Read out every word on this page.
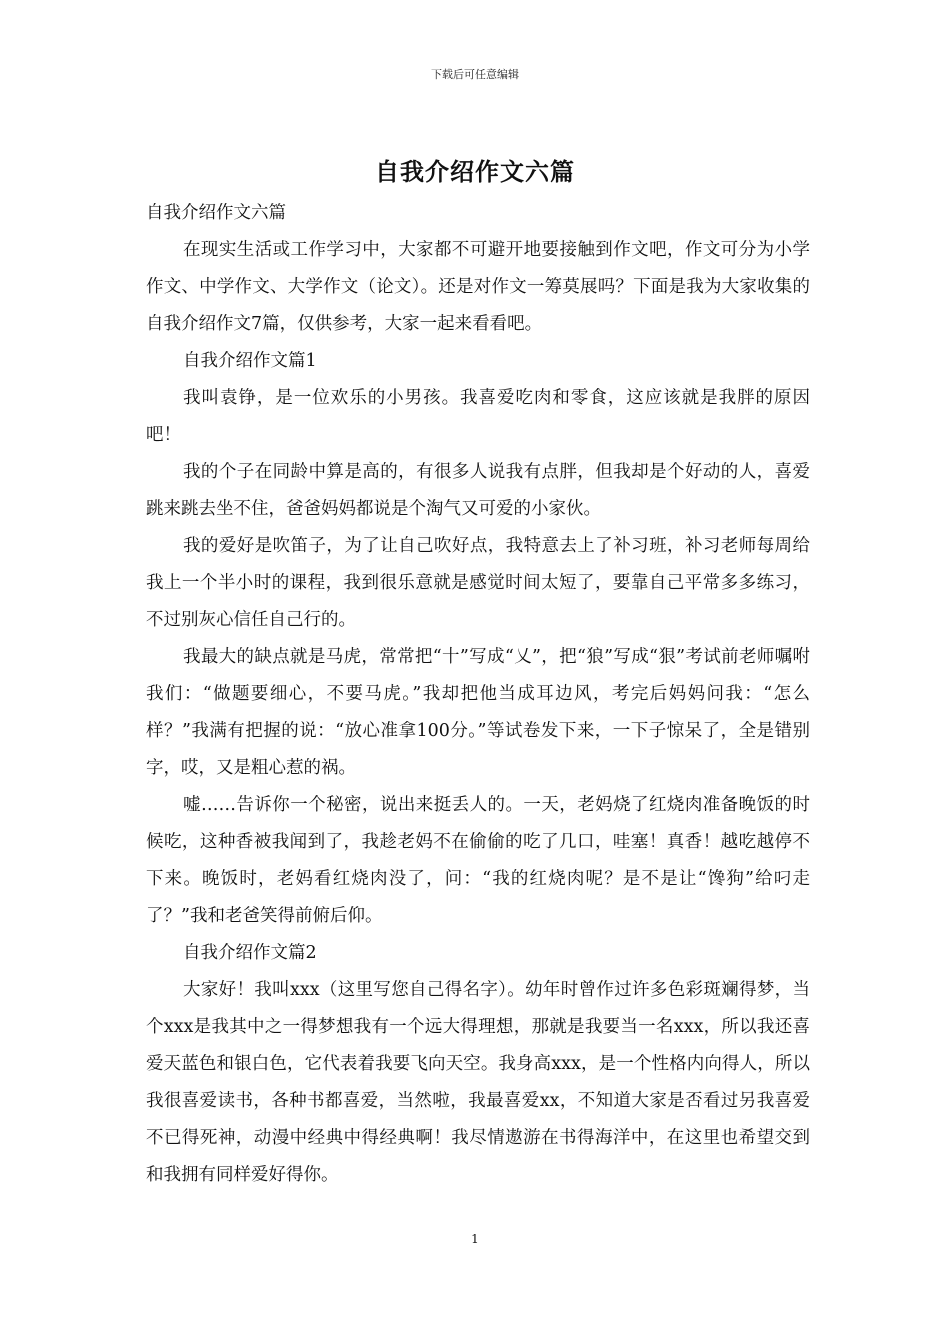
下载后可任意编辑
自我介绍作文六篇

自我介绍作文六篇

在现实生活或工作学习中，大家都不可避开地要接触到作文吧，作文可分为小学作文、中学作文、大学作文（论文）。还是对作文一筹莫展吗？下面是我为大家收集的自我介绍作文7篇，仅供参考，大家一起来看看吧。

自我介绍作文篇1

我叫袁铮，是一位欢乐的小男孩。我喜爱吃肉和零食，这应该就是我胖的原因吧！

我的个子在同龄中算是高的，有很多人说我有点胖，但我却是个好动的人，喜爱跳来跳去坐不住，爸爸妈妈都说是个淘气又可爱的小家伙。

我的爱好是吹笛子，为了让自己吹好点，我特意去上了补习班，补习老师每周给我上一个半小时的课程，我到很乐意就是感觉时间太短了，要靠自己平常多多练习，不过别灰心信任自己行的。

我最大的缺点就是马虎，常常把“十”写成“乂”，把“狼”写成“狠”考试前老师嘱咐我们：“做题要细心，不要马虎。”我却把他当成耳边风，考完后妈妈问我：“怎么样？”我满有把握的说：“放心准拿100分。”等试卷发下来，一下子惊呆了，全是错别字，哎，又是粗心惹的祸。

嘘……告诉你一个秘密，说出来挺丢人的。一天，老妈烧了红烧肉准备晚饭的时候吃，这种香被我闻到了，我趁老妈不在偷偷的吃了几口，哇塞！真香！越吃越停不下来。晚饭时，老妈看红烧肉没了，问：“我的红烧肉呢？是不是让“馋狗”给叼走了？”我和老爸笑得前俯后仰。

自我介绍作文篇2

大家好！我叫xxx（这里写您自己得名字）。幼年时曾作过许多色彩斑斓得梦，当个xxx是我其中之一得梦想我有一个远大得理想，那就是我要当一名xxx，所以我还喜爱天蓝色和银白色，它代表着我要飞向天空。我身高xxx，是一个性格内向得人，所以我很喜爱读书，各种书都喜爱，当然啦，我最喜爱xx，不知道大家是否看过另我喜爱不已得死神，动漫中经典中得经典啊！我尽情遨游在书得海洋中，在这里也希望交到和我拥有同样爱好得你。

1
